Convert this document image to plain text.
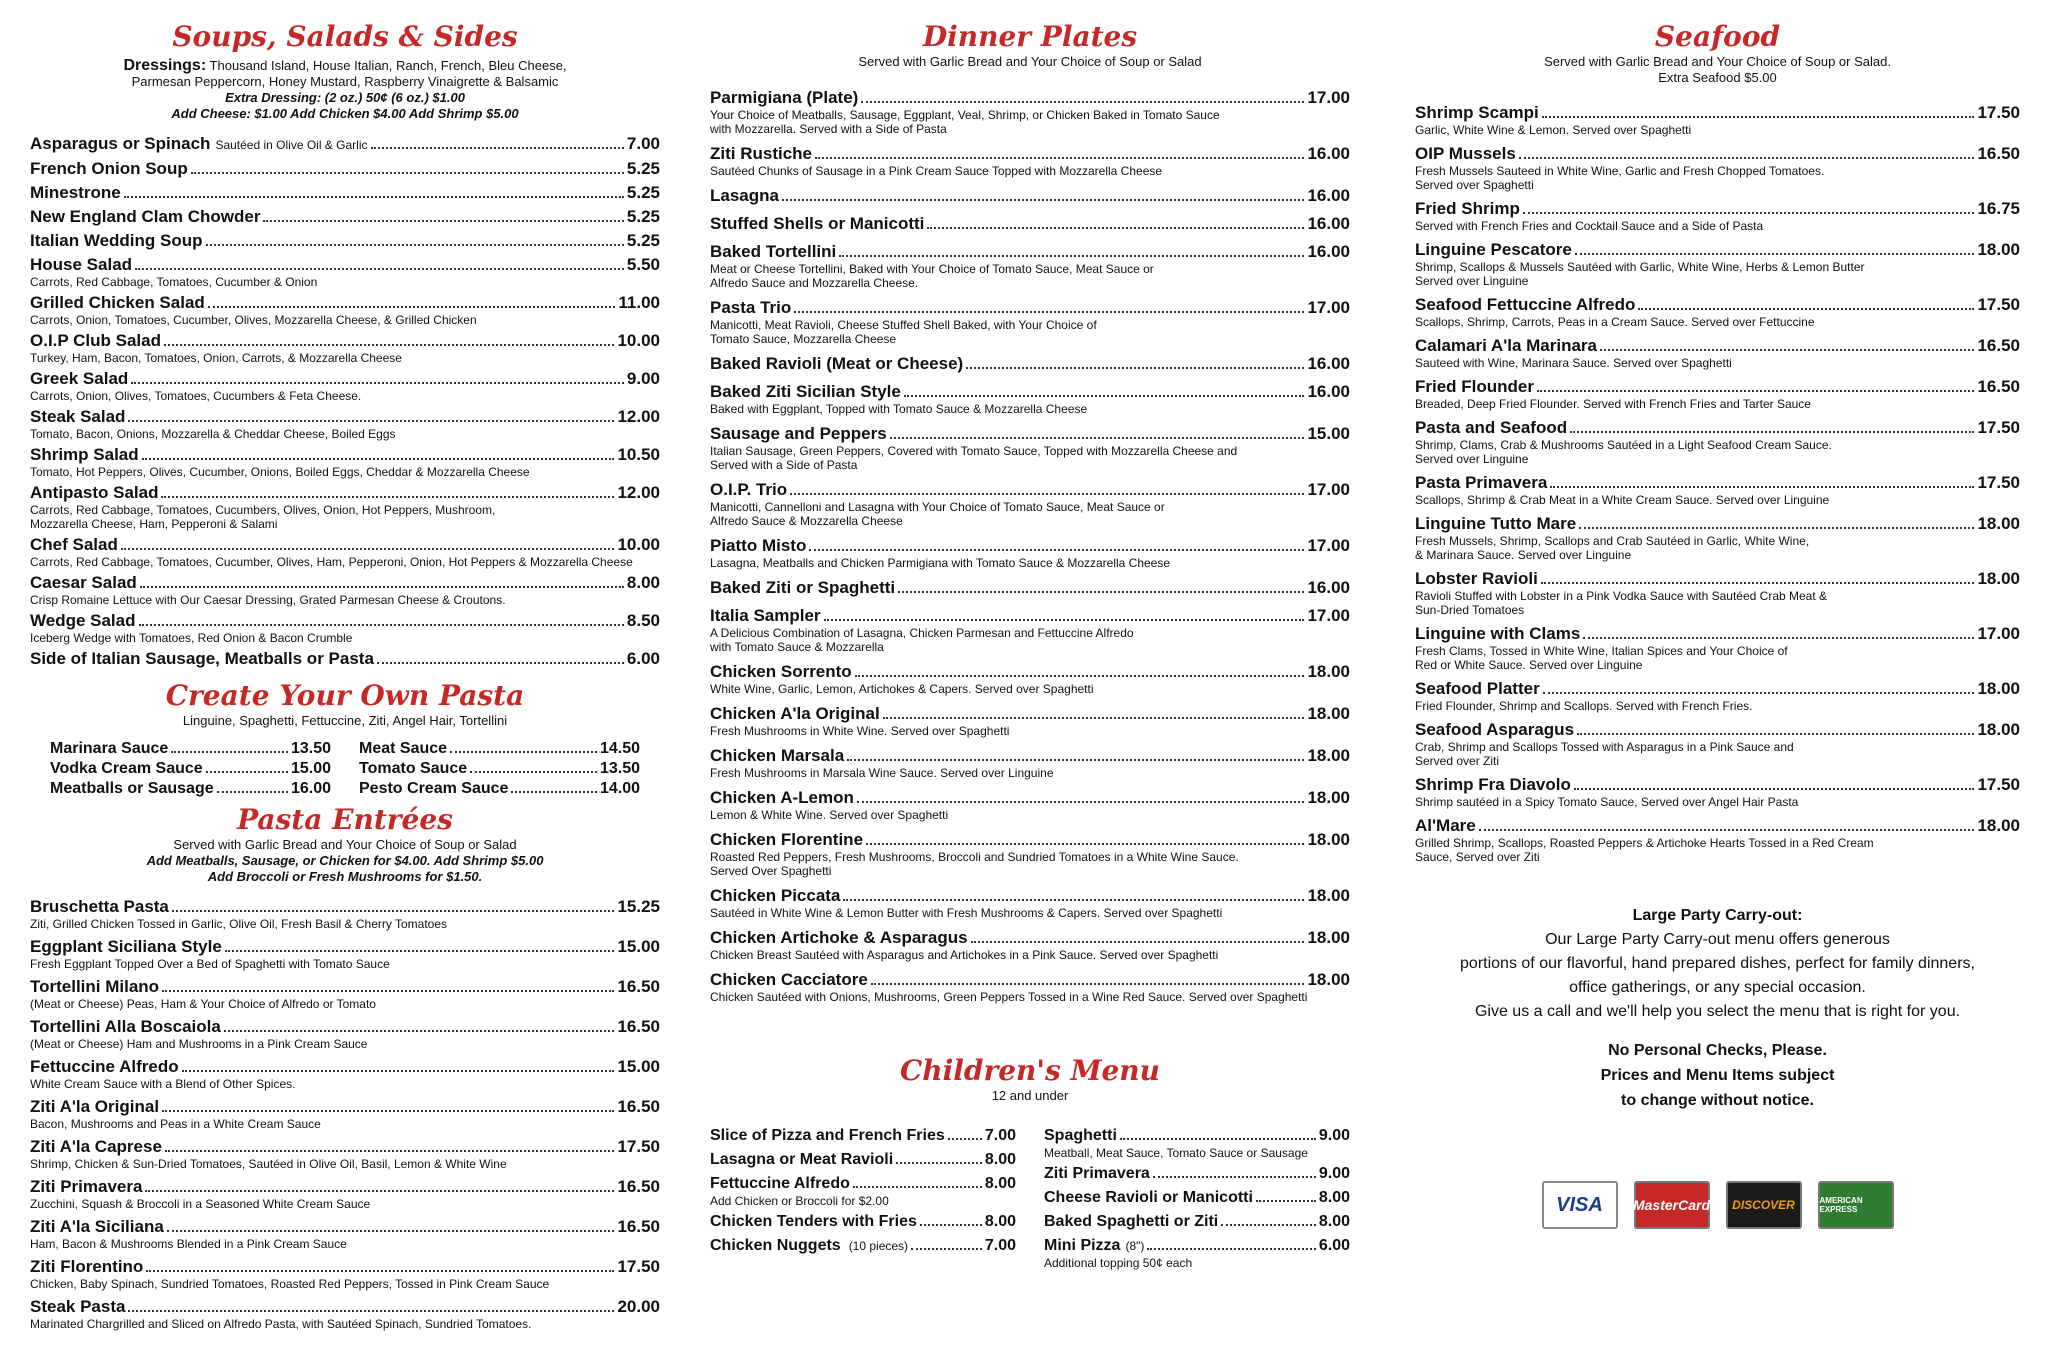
Soups, Salads & Sides
Dressings: Thousand Island, House Italian, Ranch, French, Bleu Cheese,
Parmesan Peppercorn, Honey Mustard, Raspberry Vinaigrette & Balsamic
Extra Dressing: (2 oz.) 50¢ (6 oz.) $1.00
Add Cheese: $1.00 Add Chicken $4.00 Add Shrimp $5.00
Asparagus or Spinach Sautéed in Olive Oil & Garlic	7.00
French Onion Soup	5.25
Minestrone	5.25
New England Clam Chowder	5.25
Italian Wedding Soup	5.25
House Salad	5.50
Carrots, Red Cabbage, Tomatoes, Cucumber & Onion
Grilled Chicken Salad	11.00
Carrots, Onion, Tomatoes, Cucumber, Olives, Mozzarella Cheese, & Grilled Chicken
O.I.P Club Salad	10.00
Turkey, Ham, Bacon, Tomatoes, Onion, Carrots, & Mozzarella Cheese
Greek Salad	9.00
Carrots, Onion, Olives, Tomatoes, Cucumbers & Feta Cheese.
Steak Salad	12.00
Tomato, Bacon, Onions, Mozzarella & Cheddar Cheese, Boiled Eggs
Shrimp Salad	10.50
Tomato, Hot Peppers, Olives, Cucumber, Onions, Boiled Eggs, Cheddar & Mozzarella Cheese
Antipasto Salad	12.00
Carrots, Red Cabbage, Tomatoes, Cucumbers, Olives, Onion, Hot Peppers, Mushroom,
Mozzarella Cheese, Ham, Pepperoni & Salami
Chef Salad	10.00
Carrots, Red Cabbage, Tomatoes, Cucumber, Olives, Ham, Pepperoni, Onion, Hot Peppers & Mozzarella Cheese
Caesar Salad	8.00
Crisp Romaine Lettuce with Our Caesar Dressing, Grated Parmesan Cheese & Croutons.
Wedge Salad	8.50
Iceberg Wedge with Tomatoes, Red Onion & Bacon Crumble
Side of Italian Sausage, Meatballs or Pasta	6.00
Create Your Own Pasta
Linguine, Spaghetti, Fettuccine, Ziti, Angel Hair, Tortellini
Marinara Sauce	13.50
Vodka Cream Sauce	15.00
Meatballs or Sausage	16.00
Meat Sauce	14.50
Tomato Sauce	13.50
Pesto Cream Sauce	14.00
Pasta Entrées
Served with Garlic Bread and Your Choice of Soup or Salad
Add Meatballs, Sausage, or Chicken for $4.00. Add Shrimp $5.00
Add Broccoli or Fresh Mushrooms for $1.50.
Bruschetta Pasta	15.25
Ziti, Grilled Chicken Tossed in Garlic, Olive Oil, Fresh Basil & Cherry Tomatoes
Eggplant Siciliana Style	15.00
Fresh Eggplant Topped Over a Bed of Spaghetti with Tomato Sauce
Tortellini Milano	16.50
(Meat or Cheese) Peas, Ham & Your Choice of Alfredo or Tomato
Tortellini Alla Boscaiola	16.50
(Meat or Cheese) Ham and Mushrooms in a Pink Cream Sauce
Fettuccine Alfredo	15.00
White Cream Sauce with a Blend of Other Spices.
Ziti A'la Original	16.50
Bacon, Mushrooms and Peas in a White Cream Sauce
Ziti A'la Caprese	17.50
Shrimp, Chicken & Sun-Dried Tomatoes, Sautéed in Olive Oil, Basil, Lemon & White Wine
Ziti Primavera	16.50
Zucchini, Squash & Broccoli in a Seasoned White Cream Sauce
Ziti A'la Siciliana	16.50
Ham, Bacon & Mushrooms Blended in a Pink Cream Sauce
Ziti Florentino	17.50
Chicken, Baby Spinach, Sundried Tomatoes, Roasted Red Peppers, Tossed in Pink Cream Sauce
Steak Pasta	20.00
Marinated Chargrilled and Sliced on Alfredo Pasta, with Sautéed Spinach, Sundried Tomatoes.
Dinner Plates
Served with Garlic Bread and Your Choice of Soup or Salad
Parmigiana (Plate)	17.00
Your Choice of Meatballs, Sausage, Eggplant, Veal, Shrimp, or Chicken Baked in Tomato Sauce
with Mozzarella. Served with a Side of Pasta
Ziti Rustiche	16.00
Sautéed Chunks of Sausage in a Pink Cream Sauce Topped with Mozzarella Cheese
Lasagna	16.00
Stuffed Shells or Manicotti	16.00
Baked Tortellini	16.00
Meat or Cheese Tortellini, Baked with Your Choice of Tomato Sauce, Meat Sauce or
Alfredo Sauce and Mozzarella Cheese.
Pasta Trio	17.00
Manicotti, Meat Ravioli, Cheese Stuffed Shell Baked, with Your Choice of
Tomato Sauce, Mozzarella Cheese
Baked Ravioli (Meat or Cheese)	16.00
Baked Ziti Sicilian Style	16.00
Baked with Eggplant, Topped with Tomato Sauce & Mozzarella Cheese
Sausage and Peppers	15.00
Italian Sausage, Green Peppers, Covered with Tomato Sauce, Topped with Mozzarella Cheese and
Served with a Side of Pasta
O.I.P. Trio	17.00
Manicotti, Cannelloni and Lasagna with Your Choice of Tomato Sauce, Meat Sauce or
Alfredo Sauce & Mozzarella Cheese
Piatto Misto	17.00
Lasagna, Meatballs and Chicken Parmigiana with Tomato Sauce & Mozzarella Cheese
Baked Ziti or Spaghetti	16.00
Italia Sampler	17.00
A Delicious Combination of Lasagna, Chicken Parmesan and Fettuccine Alfredo
with Tomato Sauce & Mozzarella
Chicken Sorrento	18.00
White Wine, Garlic, Lemon, Artichokes & Capers. Served over Spaghetti
Chicken A'la Original	18.00
Fresh Mushrooms in White Wine. Served over Spaghetti
Chicken Marsala	18.00
Fresh Mushrooms in Marsala Wine Sauce. Served over Linguine
Chicken A-Lemon	18.00
Lemon & White Wine. Served over Spaghetti
Chicken Florentine	18.00
Roasted Red Peppers, Fresh Mushrooms, Broccoli and Sundried Tomatoes in a White Wine Sauce.
Served Over Spaghetti
Chicken Piccata	18.00
Sautéed in White Wine & Lemon Butter with Fresh Mushrooms & Capers. Served over Spaghetti
Chicken Artichoke & Asparagus	18.00
Chicken Breast Sautéed with Asparagus and Artichokes in a Pink Sauce. Served over Spaghetti
Chicken Cacciatore	18.00
Chicken Sautéed with Onions, Mushrooms, Green Peppers Tossed in a Wine Red Sauce. Served over Spaghetti
Children's Menu
12 and under
Slice of Pizza and French Fries	7.00
Lasagna or Meat Ravioli	8.00
Fettuccine Alfredo	8.00
Add Chicken or Broccoli for $2.00
Chicken Tenders with Fries	8.00
Chicken Nuggets (10 pieces)	7.00
Spaghetti	9.00
Meatball, Meat Sauce, Tomato Sauce or Sausage
Ziti Primavera	9.00
Cheese Ravioli or Manicotti	8.00
Baked Spaghetti or Ziti	8.00
Mini Pizza (8")	6.00
Additional topping 50¢ each
Seafood
Served with Garlic Bread and Your Choice of Soup or Salad.
Extra Seafood $5.00
Shrimp Scampi	17.50
Garlic, White Wine & Lemon. Served over Spaghetti
OIP Mussels	16.50
Fresh Mussels Sauteed in White Wine, Garlic and Fresh Chopped Tomatoes.
Served over Spaghetti
Fried Shrimp	16.75
Served with French Fries and Cocktail Sauce and a Side of Pasta
Linguine Pescatore	18.00
Shrimp, Scallops & Mussels Sautéed with Garlic, White Wine, Herbs & Lemon Butter
Served over Linguine
Seafood Fettuccine Alfredo	17.50
Scallops, Shrimp, Carrots, Peas in a Cream Sauce. Served over Fettuccine
Calamari A'la Marinara	16.50
Sauteed with Wine, Marinara Sauce. Served over Spaghetti
Fried Flounder	16.50
Breaded, Deep Fried Flounder. Served with French Fries and Tarter Sauce
Pasta and Seafood	17.50
Shrimp, Clams, Crab & Mushrooms Sautéed in a Light Seafood Cream Sauce.
Served over Linguine
Pasta Primavera	17.50
Scallops, Shrimp & Crab Meat in a White Cream Sauce. Served over Linguine
Linguine Tutto Mare	18.00
Fresh Mussels, Shrimp, Scallops and Crab Sautéed in Garlic, White Wine,
& Marinara Sauce. Served over Linguine
Lobster Ravioli	18.00
Ravioli Stuffed with Lobster in a Pink Vodka Sauce with Sautéed Crab Meat &
Sun-Dried Tomatoes
Linguine with Clams	17.00
Fresh Clams, Tossed in White Wine, Italian Spices and Your Choice of
Red or White Sauce. Served over Linguine
Seafood Platter	18.00
Fried Flounder, Shrimp and Scallops. Served with French Fries.
Seafood Asparagus	18.00
Crab, Shrimp and Scallops Tossed with Asparagus in a Pink Sauce and
Served over Ziti
Shrimp Fra Diavolo	17.50
Shrimp sautéed in a Spicy Tomato Sauce, Served over Angel Hair Pasta
Al'Mare	18.00
Grilled Shrimp, Scallops, Roasted Peppers & Artichoke Hearts Tossed in a Red Cream
Sauce, Served over Ziti
Large Party Carry-out:
Our Large Party Carry-out menu offers generous
portions of our flavorful, hand prepared dishes, perfect for family dinners,
office gatherings, or any special occasion.
Give us a call and we'll help you select the menu that is right for you.
No Personal Checks, Please.
Prices and Menu Items subject
to change without notice.
VISA	MasterCard	DISCOVER	AMERICAN EXPRESS
